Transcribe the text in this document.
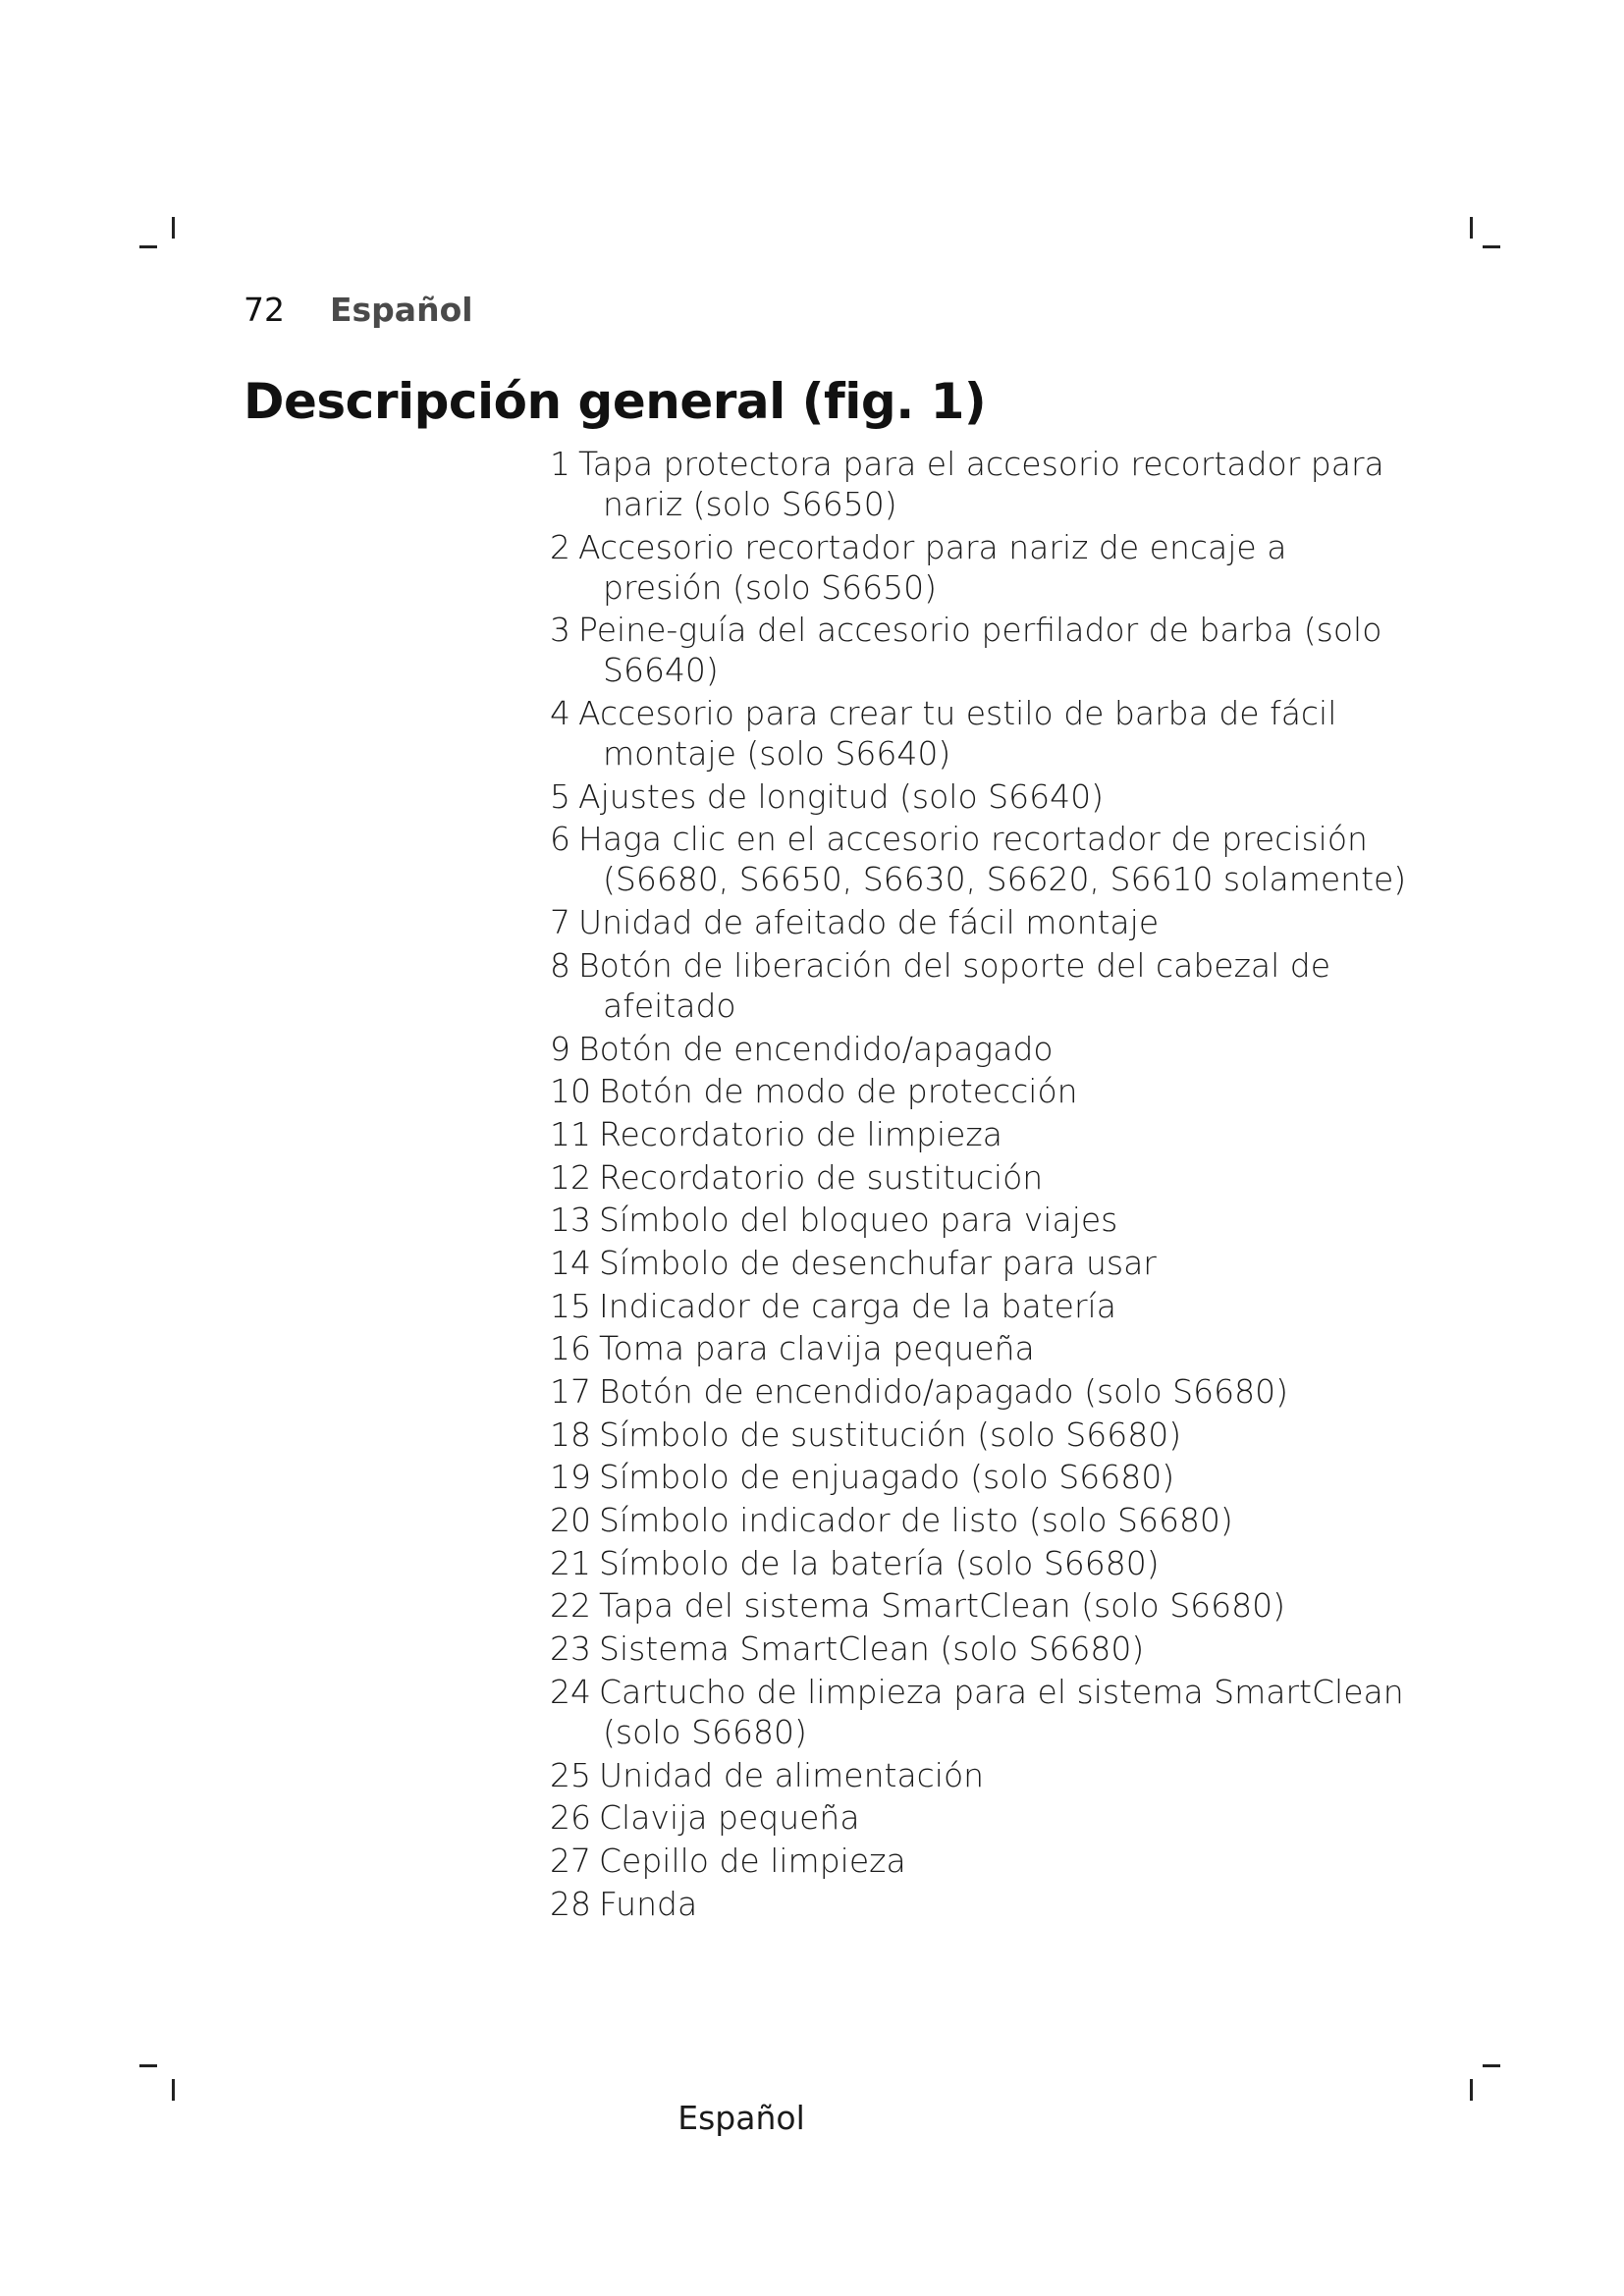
72	Español
Descripción general (fig. 1)
1 Tapa protectora para el accesorio recortador para nariz (solo S6650)
2 Accesorio recortador para nariz de encaje a presión (solo S6650)
3 Peine-guía del accesorio perfilador de barba (solo S6640)
4 Accesorio para crear tu estilo de barba de fácil montaje (solo S6640)
5 Ajustes de longitud (solo S6640)
6 Haga clic en el accesorio recortador de precisión (S6680, S6650, S6630, S6620, S6610 solamente)
7 Unidad de afeitado de fácil montaje
8 Botón de liberación del soporte del cabezal de afeitado
9 Botón de encendido/apagado
10 Botón de modo de protección
11 Recordatorio de limpieza
12 Recordatorio de sustitución
13 Símbolo del bloqueo para viajes
14 Símbolo de desenchufar para usar
15 Indicador de carga de la batería
16 Toma para clavija pequeña
17 Botón de encendido/apagado (solo S6680)
18 Símbolo de sustitución (solo S6680)
19 Símbolo de enjuagado (solo S6680)
20 Símbolo indicador de listo (solo S6680)
21 Símbolo de la batería (solo S6680)
22 Tapa del sistema SmartClean (solo S6680)
23 Sistema SmartClean (solo S6680)
24 Cartucho de limpieza para el sistema SmartClean (solo S6680)
25 Unidad de alimentación
26 Clavija pequeña
27 Cepillo de limpieza
28 Funda
Español
